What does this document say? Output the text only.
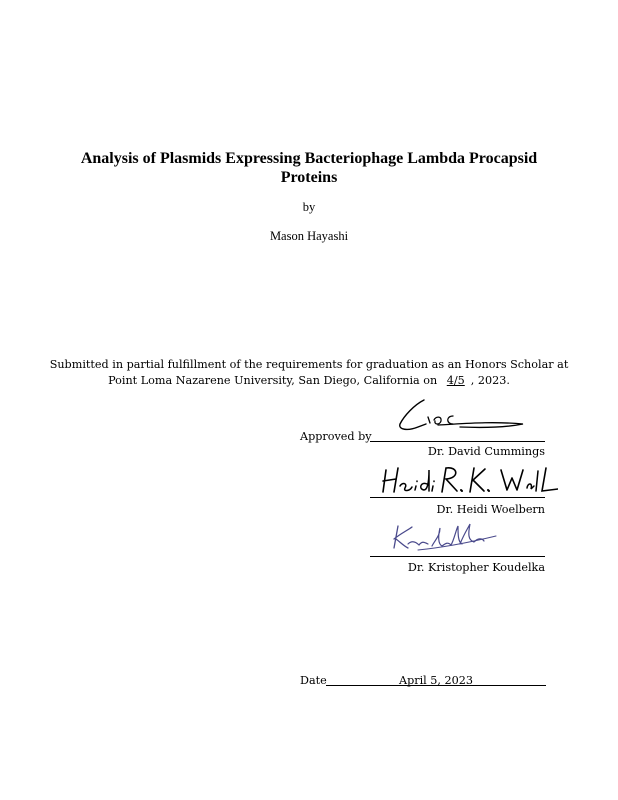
Analysis of Plasmids Expressing Bacteriophage Lambda Procapsid Proteins
by
Mason Hayashi
Submitted in partial fulfillment of the requirements for graduation as an Honors Scholar at
Point Loma Nazarene University, San Diego, California on 4/5 , 2023.
Approved by
Dr. David Cummings
Dr. Heidi Woelbern
Dr. Kristopher Koudelka
Date	April 5, 2023
